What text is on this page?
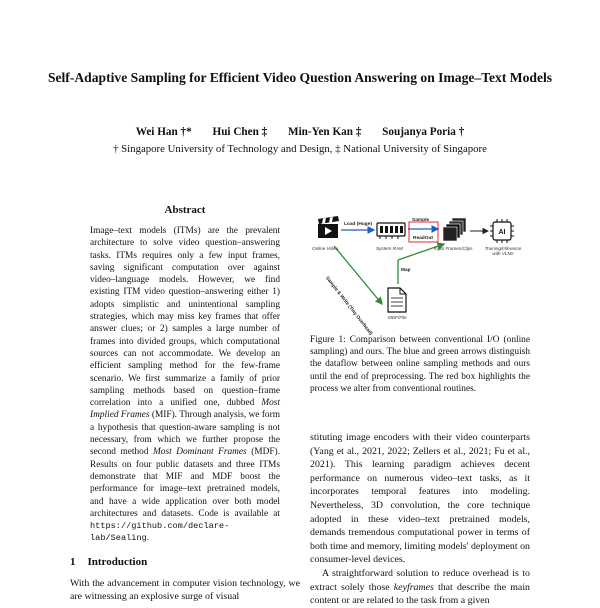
Self-Adaptive Sampling for Efficient Video Question Answering on Image–Text Models
Wei Han †* Hui Chen ‡ Min-Yen Kan ‡ Soujanya Poria †
† Singapore University of Technology and Design, ‡ National University of Singapore
Abstract

Image–text models (ITMs) are the prevalent architecture to solve video question–answering tasks. ITMs requires only a few input frames, saving significant computation over against video–language models. However, we find existing ITM video question–answering either 1) adopts simplistic and unintentional sampling strategies, which may miss key frames that offer answer clues; or 2) samples a large number of frames into divided groups, which computational sources can not accommodate. We develop an efficient sampling method for the few-frame scenario. We first summarize a family of prior sampling methods based on question–frame correlation into a unified one, dubbed Most Implied Frames (MIF). Through analysis, we form a hypothesis that question-aware sampling is not necessary, from which we further propose the second method Most Dominant Frames (MDF). Results on four public datasets and three ITMs demonstrate that MIF and MDF boost the performance for image–text pretrained models, and have a wide application over both model architectures and datasets. Code is available at https://github.com/declare-lab/Sealing.

1 Introduction

With the advancement in computer vision technology, we are witnessing an explosive surge of visual

AI
Load (Huge)
Sample
ReadOut
Sample & Write (Tiny Overhead)
Map
Online Video	System RAM	Input Frames/Clips	Training/Inference with VLMs
MDF/File

Figure 1: Comparison between conventional I/O (online sampling) and ours. The blue and green arrows distinguish the dataflow between online sampling methods and ours until the end of preprocessing. The red box highlights the process we alter from conventional routines.

stituting image encoders with their video counterparts (Yang et al., 2021, 2022; Zellers et al., 2021; Fu et al., 2021). This learning paradigm achieves decent performance on numerous video–text tasks, as it incorporates temporal features into modeling. Nevertheless, 3D convolution, the core technique adopted in these video–text pretrained models, demands tremendous computational power in terms of both time and memory, limiting models' deployment on consumer-level devices.

A straightforward solution to reduce overhead is to extract solely those keyframes that describe the main content or are related to the task from a given
